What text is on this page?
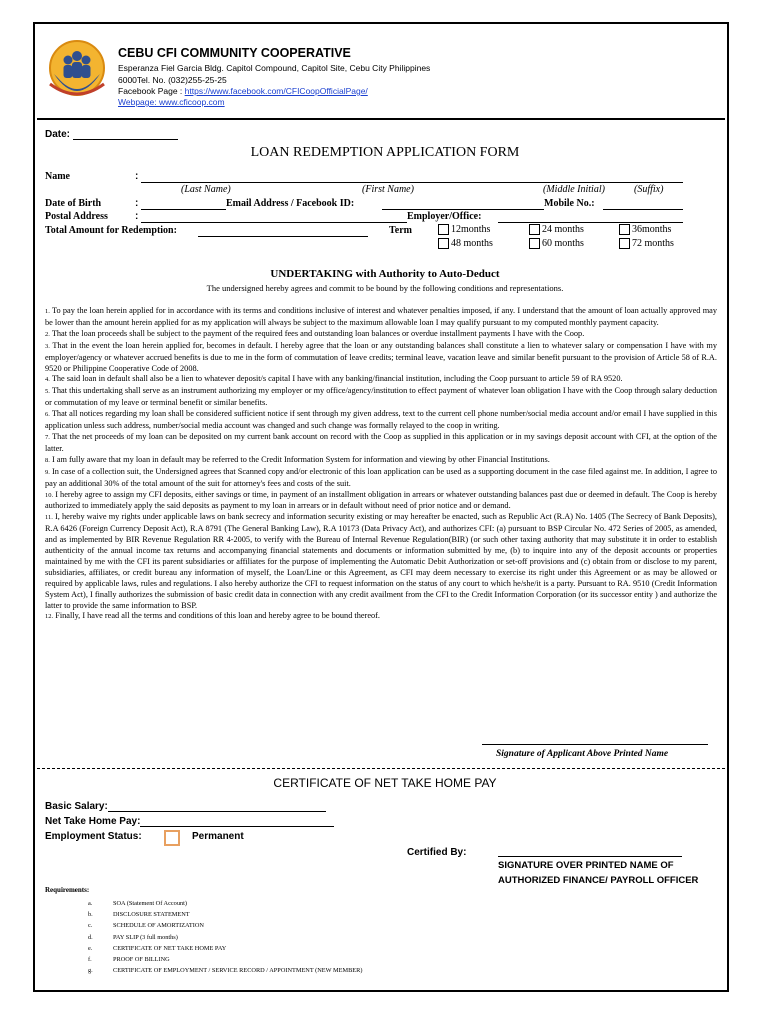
CEBU CFI COMMUNITY COOPERATIVE
Esperanza Fiel Garcia Bldg. Capitol Compound, Capitol Site, Cebu City Philippines
6000Tel. No. (032)255-25-25
Facebook Page : https://www.facebook.com/CFICoopOfficialPage/
Webpage: www.cficoop.com
Date:
LOAN REDEMPTION APPLICATION FORM
Name	:
(Last Name)	(First Name)	(Middle Initial)	(Suffix)
Date of Birth	:	Email Address / Facebook ID:	Mobile No.:
Postal Address	:	Employer/Office:
Total Amount for Redemption:	Term	12months	24 months	36months
48 months	60 months	72 months
UNDERTAKING with Authority to Auto-Deduct
The undersigned hereby agrees and commit to be bound by the following conditions and representations.

1. To pay the loan herein applied for in accordance with its terms and conditions inclusive of interest and whatever penalties imposed, if any. I understand that the amount of loan actually approved may be lower than the amount herein applied for as my application will always be subject to the maximum allowable loan I may qualify pursuant to my computed monthly payment capacity.

2. That the loan proceeds shall be subject to the payment of the required fees and outstanding loan balances or overdue installment payments I have with the Coop.

3. That in the event the loan herein applied for, becomes in default. I hereby agree that the loan or any outstanding balances shall constitute a lien to whatever salary or compensation I have with my employer/agency or whatever accrued benefits is due to me in the form of commutation of leave credits; terminal leave, vacation leave and similar benefit pursuant to the provision of Article 58 of R.A. 9520 or Philippine Cooperative Code of 2008.

4. The said loan in default shall also be a lien to whatever deposit/s capital I have with any banking/financial institution, including the Coop pursuant to article 59 of RA 9520.

5. That this undertaking shall serve as an instrument authorizing my employer or my office/agency/institution to effect payment of whatever loan obligation I have with the Coop through salary deduction or commutation of my leave or terminal benefit or similar benefits.

6. That all notices regarding my loan shall be considered sufficient notice if sent through my given address, text to the current cell phone number/social media account and/or email I have supplied in this application unless such address, number/social media account was changed and such change was formally relayed to the coop in writing.

7. That the net proceeds of my loan can be deposited on my current bank account on record with the Coop as supplied in this application or in my savings deposit account with CFI, at the option of the latter.

8. I am fully aware that my loan in default may be referred to the Credit Information System for information and viewing by other Financial Institutions.

9. In case of a collection suit, the Undersigned agrees that Scanned copy and/or electronic of this loan application can be used as a supporting document in the case filed against me. In addition, I agree to pay an additional 30% of the total amount of the suit for attorney's fees and costs of the suit.

10. I hereby agree to assign my CFI deposits, either savings or time, in payment of an installment obligation in arrears or whatever outstanding balances past due or deemed in default. The Coop is hereby authorized to immediately apply the said deposits as payment to my loan in arrears or in default without need of prior notice and or demand.

11. I, hereby waive my rights under applicable laws on bank secrecy and information security existing or may hereafter be enacted, such as Republic Act (R.A) No. 1405 (The Secrecy of Bank Deposits), R.A 6426 (Foreign Currency Deposit Act), R.A 8791 (The General Banking Law), R.A 10173 (Data Privacy Act), and authorizes CFI: (a) pursuant to BSP Circular No. 472 Series of 2005, as amended, and as implemented by BIR Revenue Regulation RR 4-2005, to verify with the Bureau of Internal Revenue Regulation(BIR) (or such other taxing authority that may substitute it in order to establish authenticity of the annual income tax returns and accompanying financial statements and documents or information submitted by me, (b) to inquire into any of the deposit accounts or properties maintained by me with the CFI its parent subsidiaries or affiliates for the purpose of implementing the Automatic Debit Authorization or set-off provisions and (c) obtain from or disclose to my parent, subsidiaries, affiliates, or credit bureau any information of myself, the Loan/Line or this Agreement, as CFI may deem necessary to exercise its right under this Agreement or as may be allowed or required by applicable laws, rules and regulations. I also hereby authorize the CFI to request information on the status of any court to which he/she/it is a party. Pursuant to RA. 9510 (Credit Information System Act), I finally authorizes the submission of basic credit data in connection with any credit availment from the CFI to the Credit Information Corporation (or its successor entity ) and authorize the latter to provide the same information to BSP.

12. Finally, I have read all the terms and conditions of this loan and hereby agree to be bound thereof.

Signature of Applicant Above Printed Name
CERTIFICATE OF NET TAKE HOME PAY
Basic Salary:
Net Take Home Pay:
Employment Status:	Permanent
Certified By:
SIGNATURE OVER PRINTED NAME OF
AUTHORIZED FINANCE/ PAYROLL OFFICER
Requirements:
a.	SOA (Statement Of Account)
b.	DISCLOSURE STATEMENT
c.	SCHEDULE OF AMORTIZATION
d.	PAY SLIP (3 full months)
e.	CERTIFICATE OF NET TAKE HOME PAY
f.	PROOF OF BILLING
g.	CERTIFICATE OF EMPLOYMENT / SERVICE RECORD / APPOINTMENT (NEW MEMBER)
